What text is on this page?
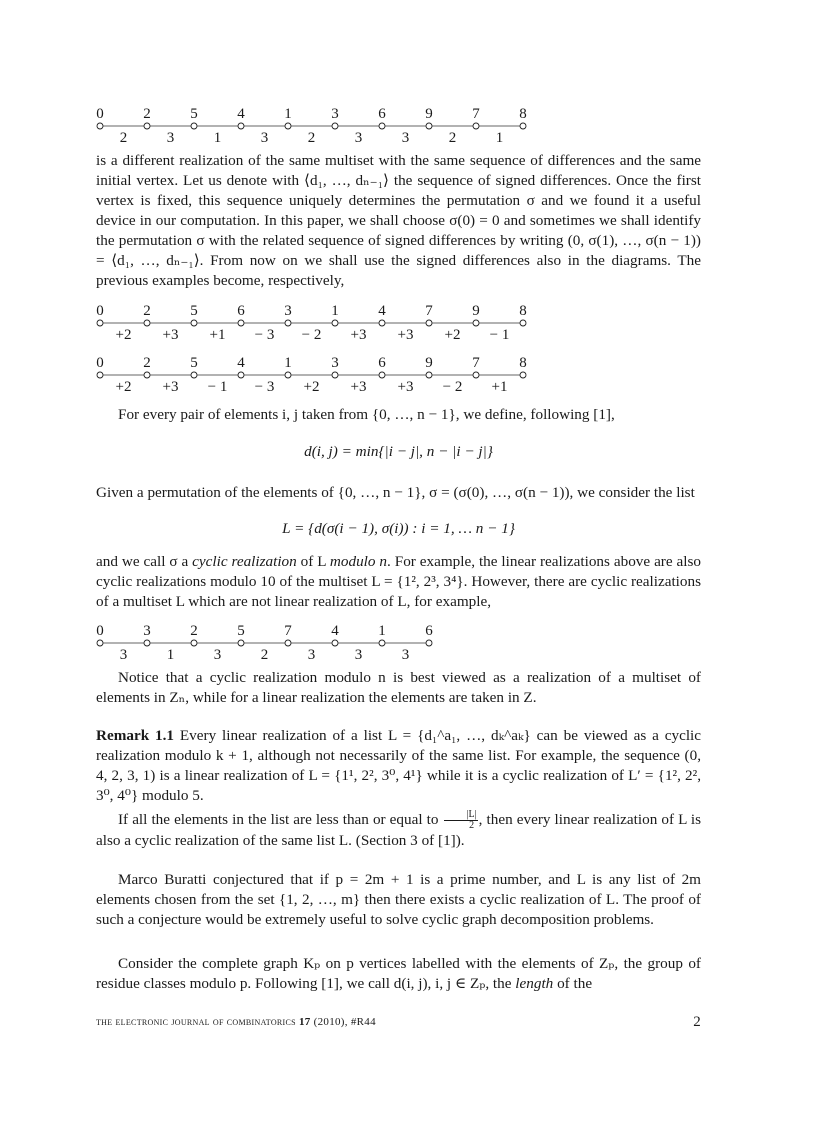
0	2	5	4	1	3	6	9	7	8
2	3	1	3	2	3	3	2	1
0	2	5	6	3	1	4	7	9	8
+2 +3 +1 − 3 − 2 +3 +3 +2 − 1
0	2	5	4	1	3	6	9	7	8
+2 +3 − 1 − 3 +2 +3 +3 − 2 +1
0	3	2	5	7	4	1	6
3	1	3	2	3	3	3

is a different realization of the same multiset with the same sequence of differences and the same initial vertex. Let us denote with ⟨d₁, …, dₙ₋₁⟩ the sequence of signed differences. Once the first vertex is fixed, this sequence uniquely determines the permutation σ and we found it a useful device in our computation. In this paper, we shall choose σ(0) = 0 and sometimes we shall identify the permutation σ with the related sequence of signed differences by writing (0, σ(1), …, σ(n − 1)) = ⟨d₁, …, dₙ₋₁⟩. From now on we shall use the signed differences also in the diagrams. The previous examples become, respectively,

For every pair of elements i, j taken from {0, …, n − 1}, we define, following [1],

d(i, j) = min{|i − j|, n − |i − j|}

Given a permutation of the elements of {0, …, n − 1}, σ = (σ(0), …, σ(n − 1)), we consider the list

L = {d(σ(i − 1), σ(i)) : i = 1, … n − 1}

and we call σ a cyclic realization of L modulo n. For example, the linear realizations above are also cyclic realizations modulo 10 of the multiset L = {1², 2³, 3⁴}. However, there are cyclic realizations of a multiset L which are not linear realization of L, for example,

Notice that a cyclic realization modulo n is best viewed as a realization of a multiset of elements in Zₙ, while for a linear realization the elements are taken in Z.

Remark 1.1 Every linear realization of a list L = {d₁^a₁, …, dₖ^aₖ} can be viewed as a cyclic realization modulo k + 1, although not necessarily of the same list. For example, the sequence (0, 4, 2, 3, 1) is a linear realization of L = {1¹, 2², 3⁰, 4¹} while it is a cyclic realization of L′ = {1², 2², 3⁰, 4⁰} modulo 5.

If all the elements in the list are less than or equal to $\frac{|L|}{2}$ , then every linear realization of L is also a cyclic realization of the same list L. (Section 3 of [1]).

Marco Buratti conjectured that if p = 2m + 1 is a prime number, and L is any list of 2m elements chosen from the set {1, 2, …, m} then there exists a cyclic realization of L. The proof of such a conjecture would be extremely useful to solve cyclic graph decomposition problems.

Consider the complete graph Kₚ on p vertices labelled with the elements of Zₚ, the group of residue classes modulo p. Following [1], we call d(i, j), i, j ∈ Zₚ, the length of the

the electronic journal of combinatorics 17 (2010), #R44	2
